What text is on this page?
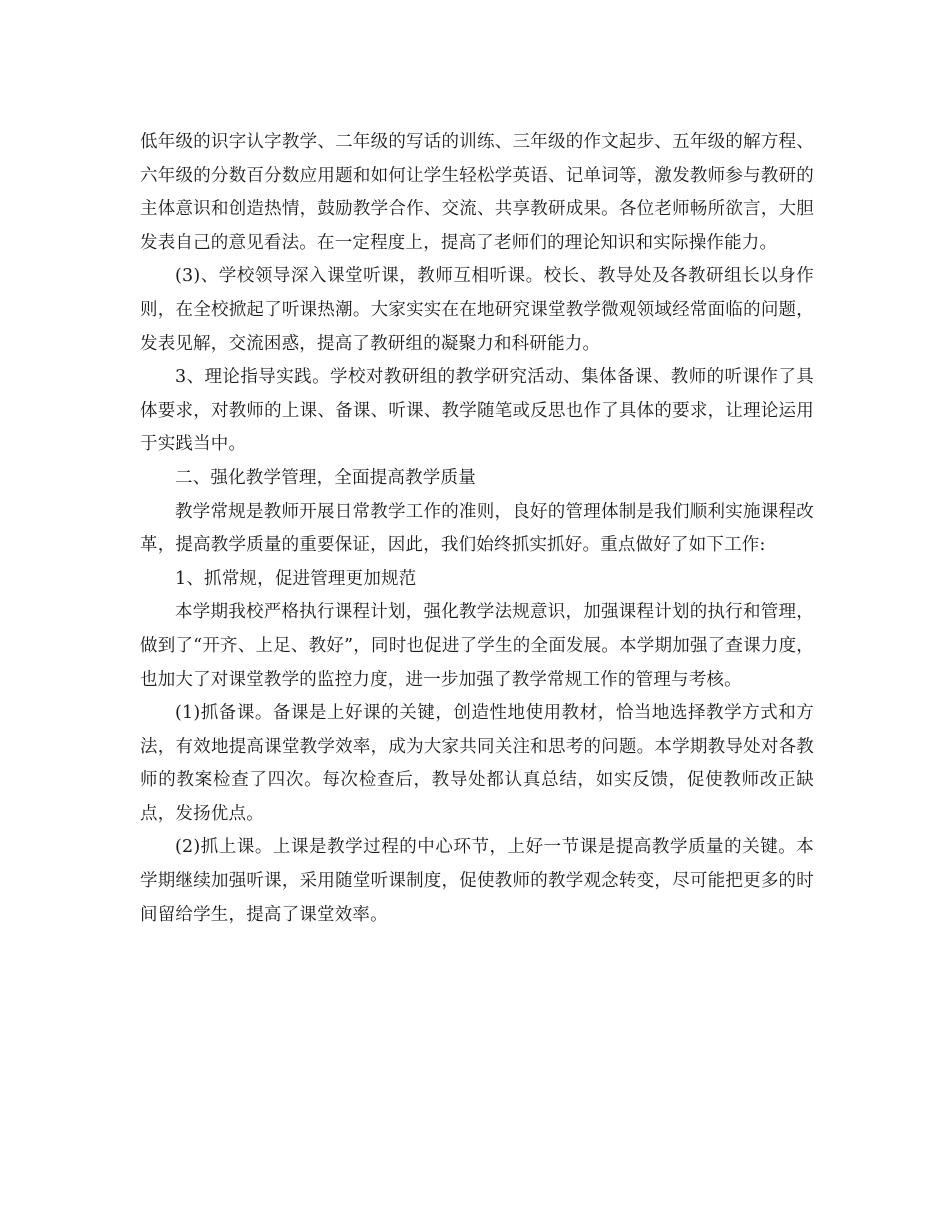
低年级的识字认字教学、二年级的写话的训练、三年级的作文起步、五年级的解方程、六年级的分数百分数应用题和如何让学生轻松学英语、记单词等，激发教师参与教研的主体意识和创造热情，鼓励教学合作、交流、共享教研成果。各位老师畅所欲言，大胆发表自己的意见看法。在一定程度上，提高了老师们的理论知识和实际操作能力。

(3)、学校领导深入课堂听课，教师互相听课。校长、教导处及各教研组长以身作则，在全校掀起了听课热潮。大家实实在在地研究课堂教学微观领域经常面临的问题，发表见解，交流困惑，提高了教研组的凝聚力和科研能力。

3、理论指导实践。学校对教研组的教学研究活动、集体备课、教师的听课作了具体要求，对教师的上课、备课、听课、教学随笔或反思也作了具体的要求，让理论运用于实践当中。

二、强化教学管理，全面提高教学质量

教学常规是教师开展日常教学工作的准则，良好的管理体制是我们顺利实施课程改革，提高教学质量的重要保证，因此，我们始终抓实抓好。重点做好了如下工作:

1、抓常规，促进管理更加规范

本学期我校严格执行课程计划，强化教学法规意识，加强课程计划的执行和管理，做到了“开齐、上足、教好”，同时也促进了学生的全面发展。本学期加强了查课力度，也加大了对课堂教学的监控力度，进一步加强了教学常规工作的管理与考核。

(1)抓备课。备课是上好课的关键，创造性地使用教材，恰当地选择教学方式和方法，有效地提高课堂教学效率，成为大家共同关注和思考的问题。本学期教导处对各教师的教案检查了四次。每次检查后，教导处都认真总结，如实反馈，促使教师改正缺点，发扬优点。

(2)抓上课。上课是教学过程的中心环节，上好一节课是提高教学质量的关键。本学期继续加强听课，采用随堂听课制度，促使教师的教学观念转变，尽可能把更多的时间留给学生，提高了课堂效率。
